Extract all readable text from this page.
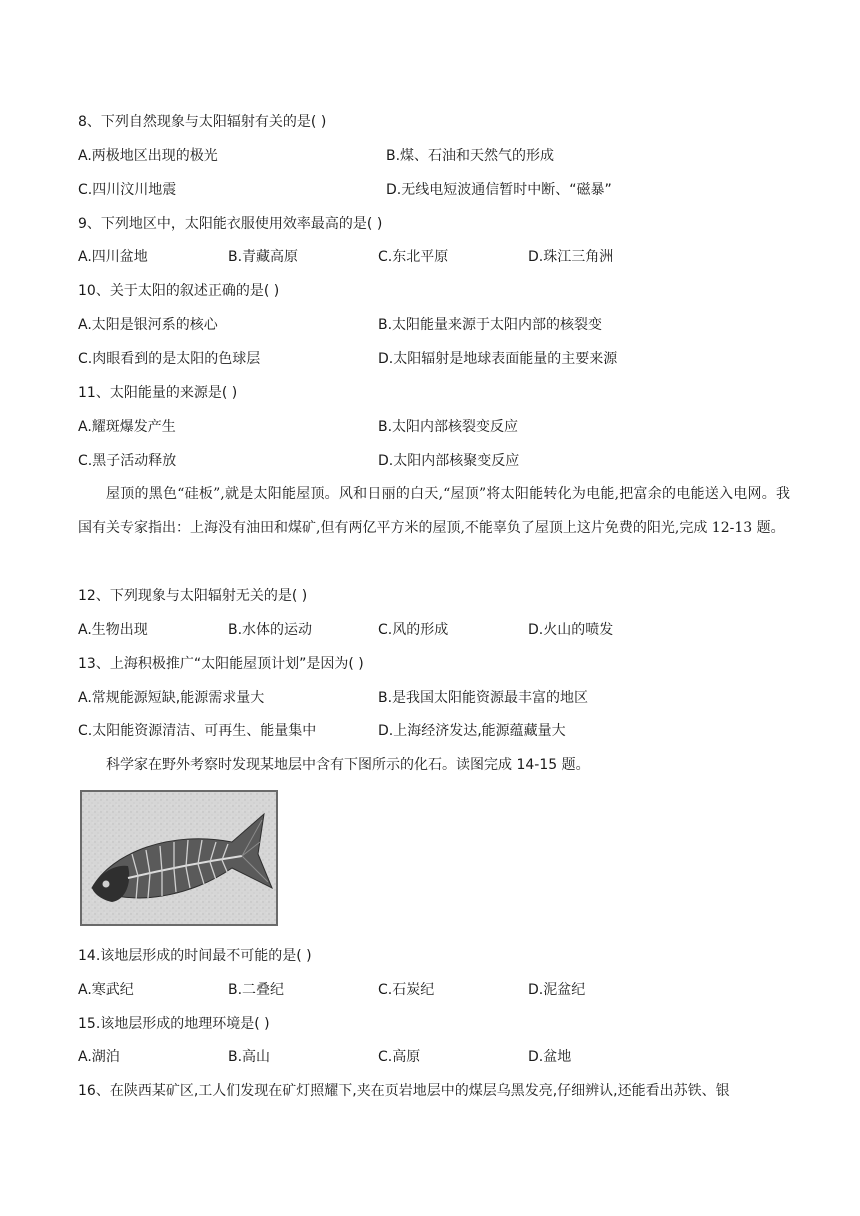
8、下列自然现象与太阳辐射有关的是( )
A.两极地区出现的极光	B.煤、石油和天然气的形成
C.四川汶川地震	D.无线电短波通信暂时中断、“磁暴”
9、下列地区中，太阳能衣服使用效率最高的是( )
A.四川盆地	B.青藏高原	C.东北平原	D.珠江三角洲
10、关于太阳的叙述正确的是( )
A.太阳是银河系的核心	B.太阳能量来源于太阳内部的核裂变
C.肉眼看到的是太阳的色球层	D.太阳辐射是地球表面能量的主要来源
11、太阳能量的来源是( )
A.耀斑爆发产生	B.太阳内部核裂变反应
C.黑子活动释放	D.太阳内部核聚变反应
屋顶的黑色“硅板”,就是太阳能屋顶。风和日丽的白天,“屋顶”将太阳能转化为电能,把富余的电能送入电网。我国有关专家指出：上海没有油田和煤矿,但有两亿平方米的屋顶,不能辜负了屋顶上这片免费的阳光,完成 12-13 题。
12、下列现象与太阳辐射无关的是( )
A.生物出现	B.水体的运动	C.风的形成	D.火山的喷发
13、上海积极推广“太阳能屋顶计划”是因为( )
A.常规能源短缺,能源需求量大	B.是我国太阳能资源最丰富的地区
C.太阳能资源清洁、可再生、能量集中	D.上海经济发达,能源蕴藏量大
科学家在野外考察时发现某地层中含有下图所示的化石。读图完成 14-15 题。
14.该地层形成的时间最不可能的是( )
A.寒武纪	B.二叠纪	C.石炭纪	D.泥盆纪
15.该地层形成的地理环境是( )
A.湖泊	B.高山	C.高原	D.盆地
16、在陕西某矿区,工人们发现在矿灯照耀下,夹在页岩地层中的煤层乌黑发亮,仔细辨认,还能看出苏铁、银
